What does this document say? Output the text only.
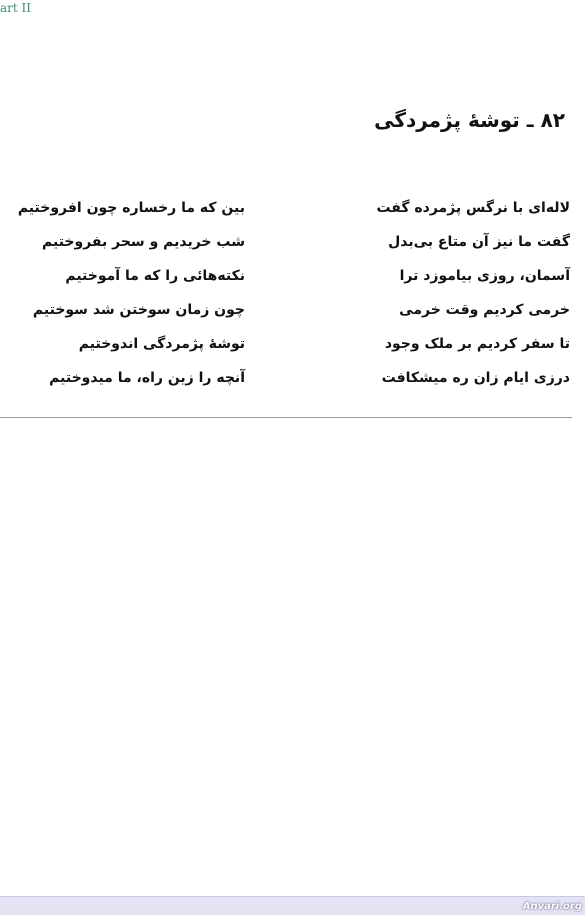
art II
۸۲ ـ توشهٔ پژمردگی
لاله‌ای با نرگس پژمرده گفت
بین که ما رخساره چون افروختیم
گفت ما نیز آن متاع بی‌بدل
شب خریدیم و سحر بفروختیم
آسمان، روزی بیاموزد ترا
نکته‌هائی را که ما آموختیم
خرمی کردیم وقت خرمی
چون زمان سوختن شد سوختیم
تا سفر کردیم بر ملک وجود
توشهٔ پژمردگی اندوختیم
درزی ایام زان ره میشکافت
آنچه را زین راه، ما میدوختیم
Anvari.org
